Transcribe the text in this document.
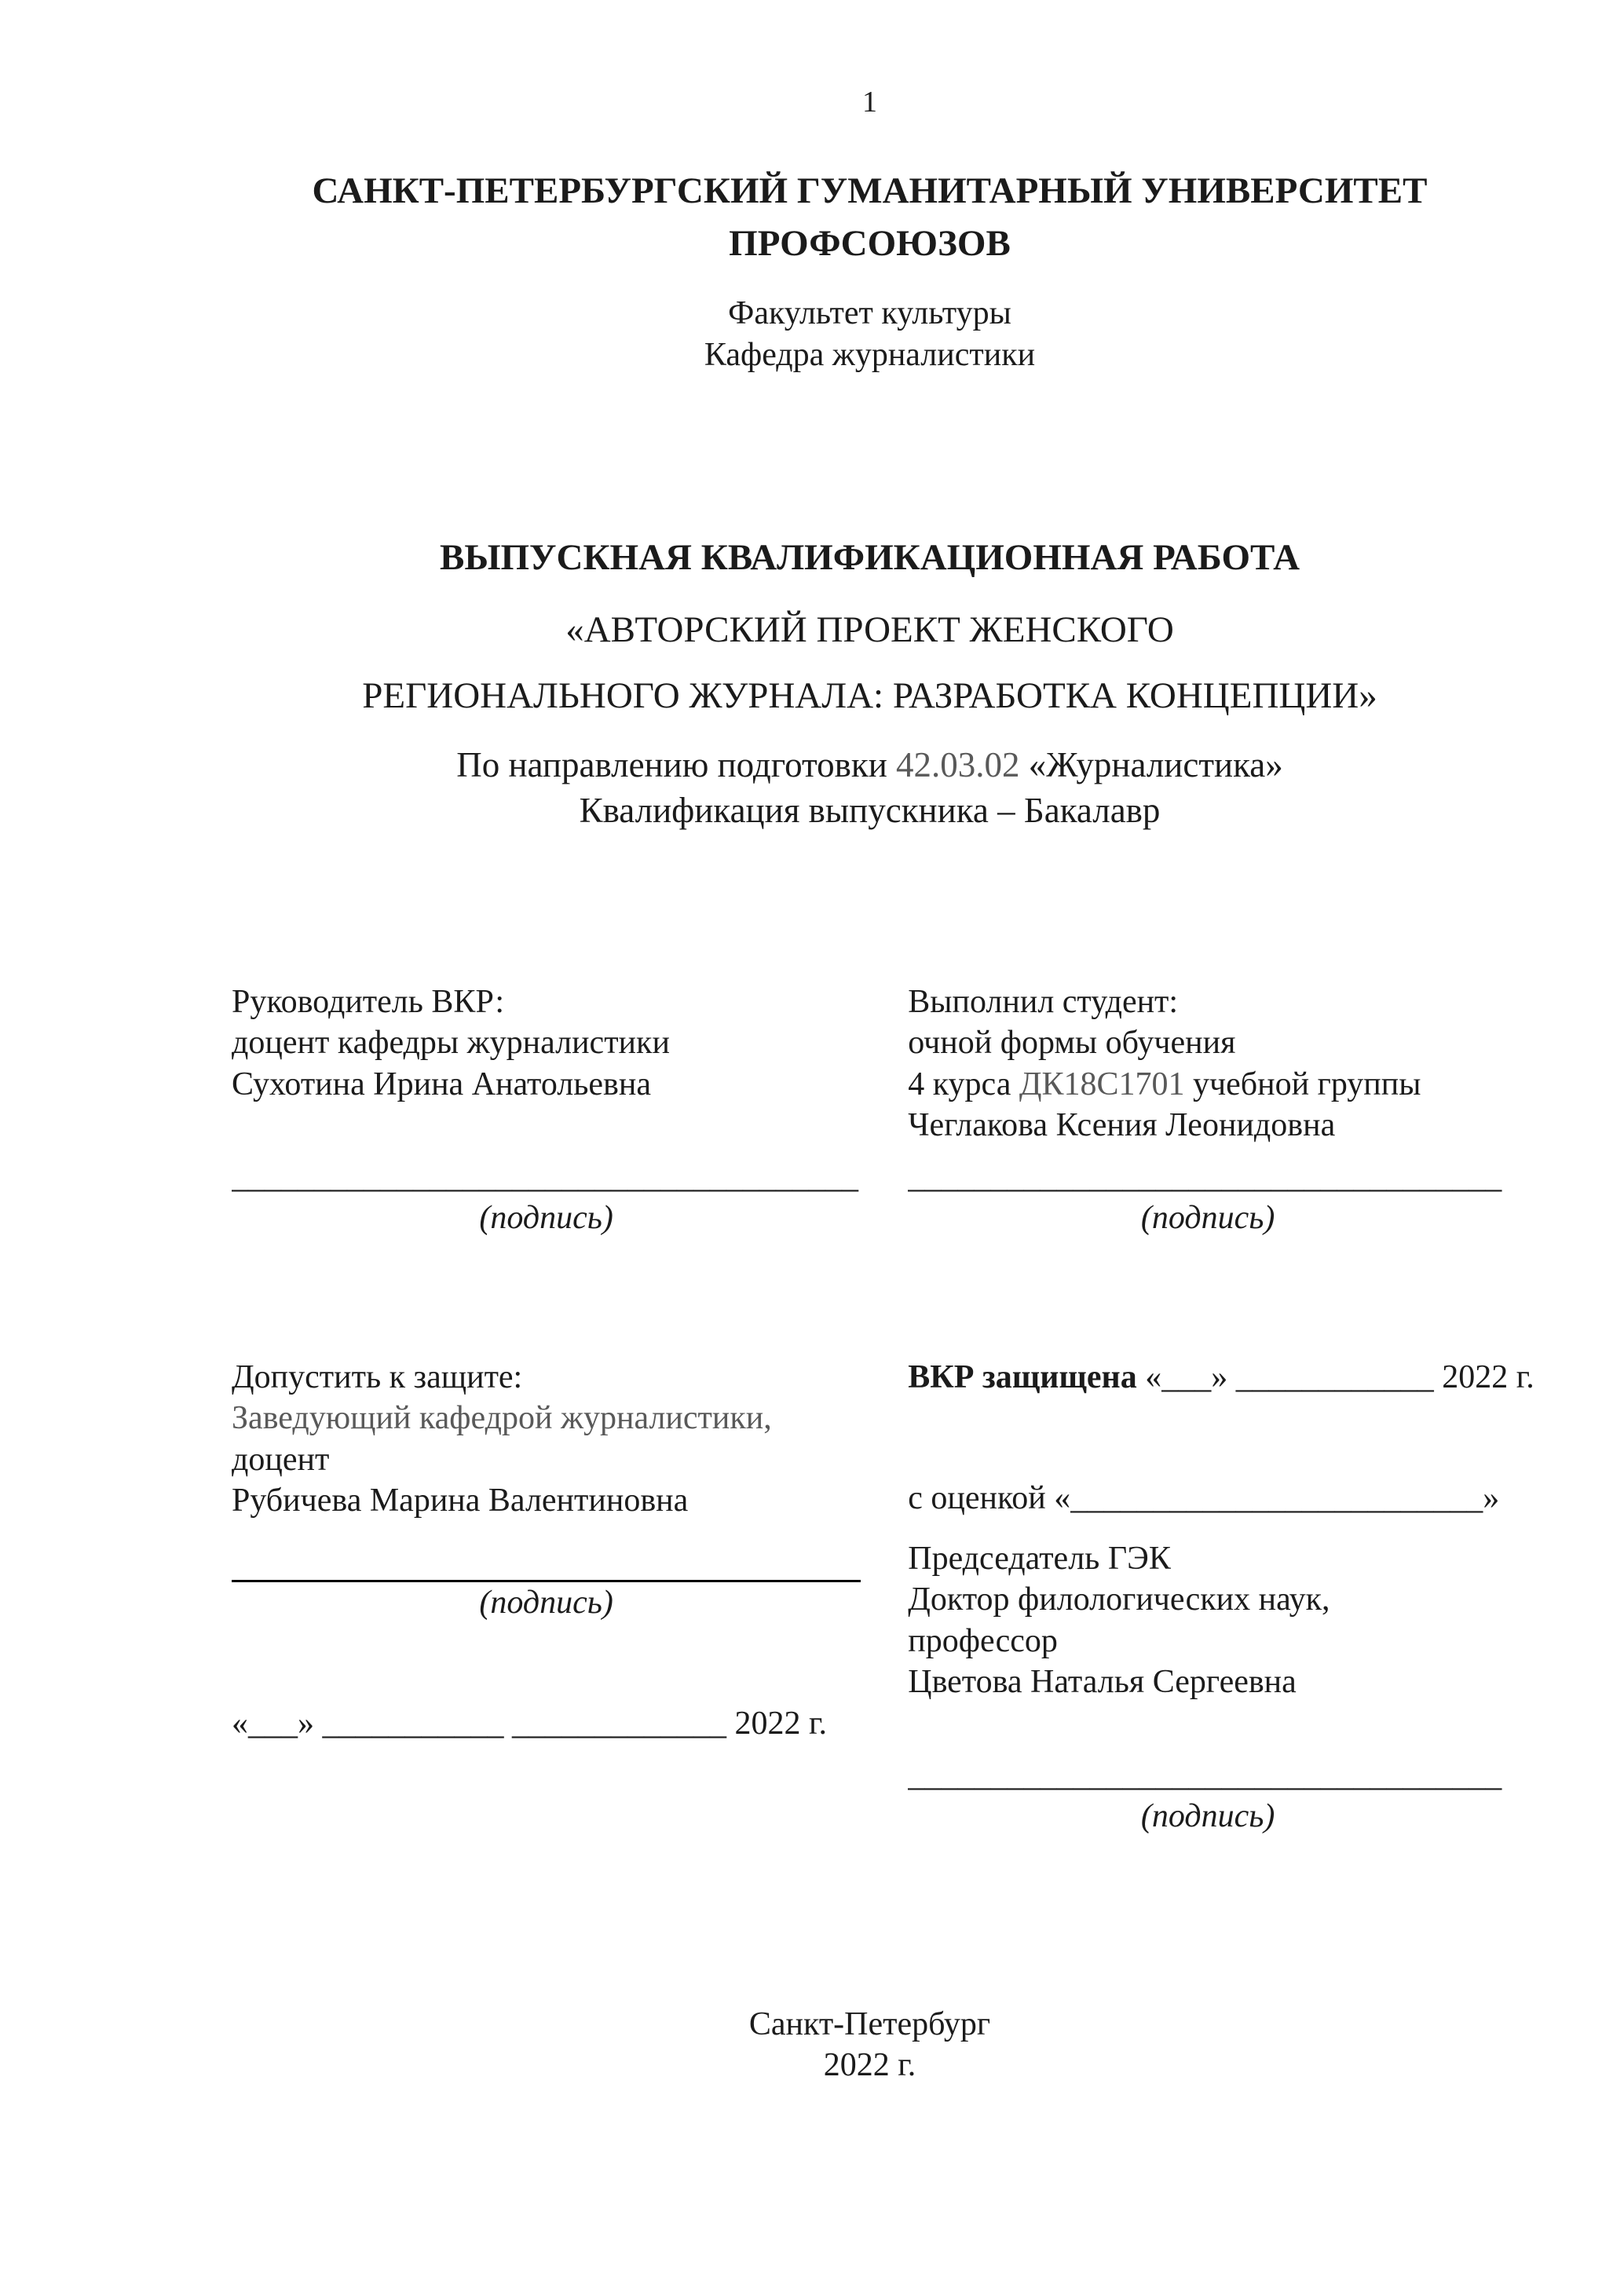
1
САНКТ-ПЕТЕРБУРГСКИЙ ГУМАНИТАРНЫЙ УНИВЕРСИТЕТ
ПРОФСОЮЗОВ
Факультет культуры
Кафедра журналистики
ВЫПУСКНАЯ КВАЛИФИКАЦИОННАЯ РАБОТА
«АВТОРСКИЙ ПРОЕКТ ЖЕНСКОГО
РЕГИОНАЛЬНОГО ЖУРНАЛА: РАЗРАБОТКА КОНЦЕПЦИИ»
По направлению подготовки 42.03.02 «Журналистика»
Квалификация выпускника – Бакалавр
Руководитель ВКР:
доцент кафедры журналистики
Сухотина Ирина Анатольевна
______________________________________
(подпись)
Выполнил студент:
очной формы обучения
4 курса ДК18С1701 учебной группы
Чеглакова Ксения Леонидовна
____________________________________
(подпись)
Допустить к защите:
Заведующий кафедрой журналистики,
доцент
Рубичева Марина Валентиновна
(подпись)
«___» ___________ _____________ 2022 г.
ВКР защищена «___» ____________ 2022 г.
с оценкой «_________________________»
Председатель ГЭК
Доктор филологических наук,
профессор
Цветова Наталья Сергеевна
____________________________________
(подпись)
Санкт-Петербург
2022 г.
